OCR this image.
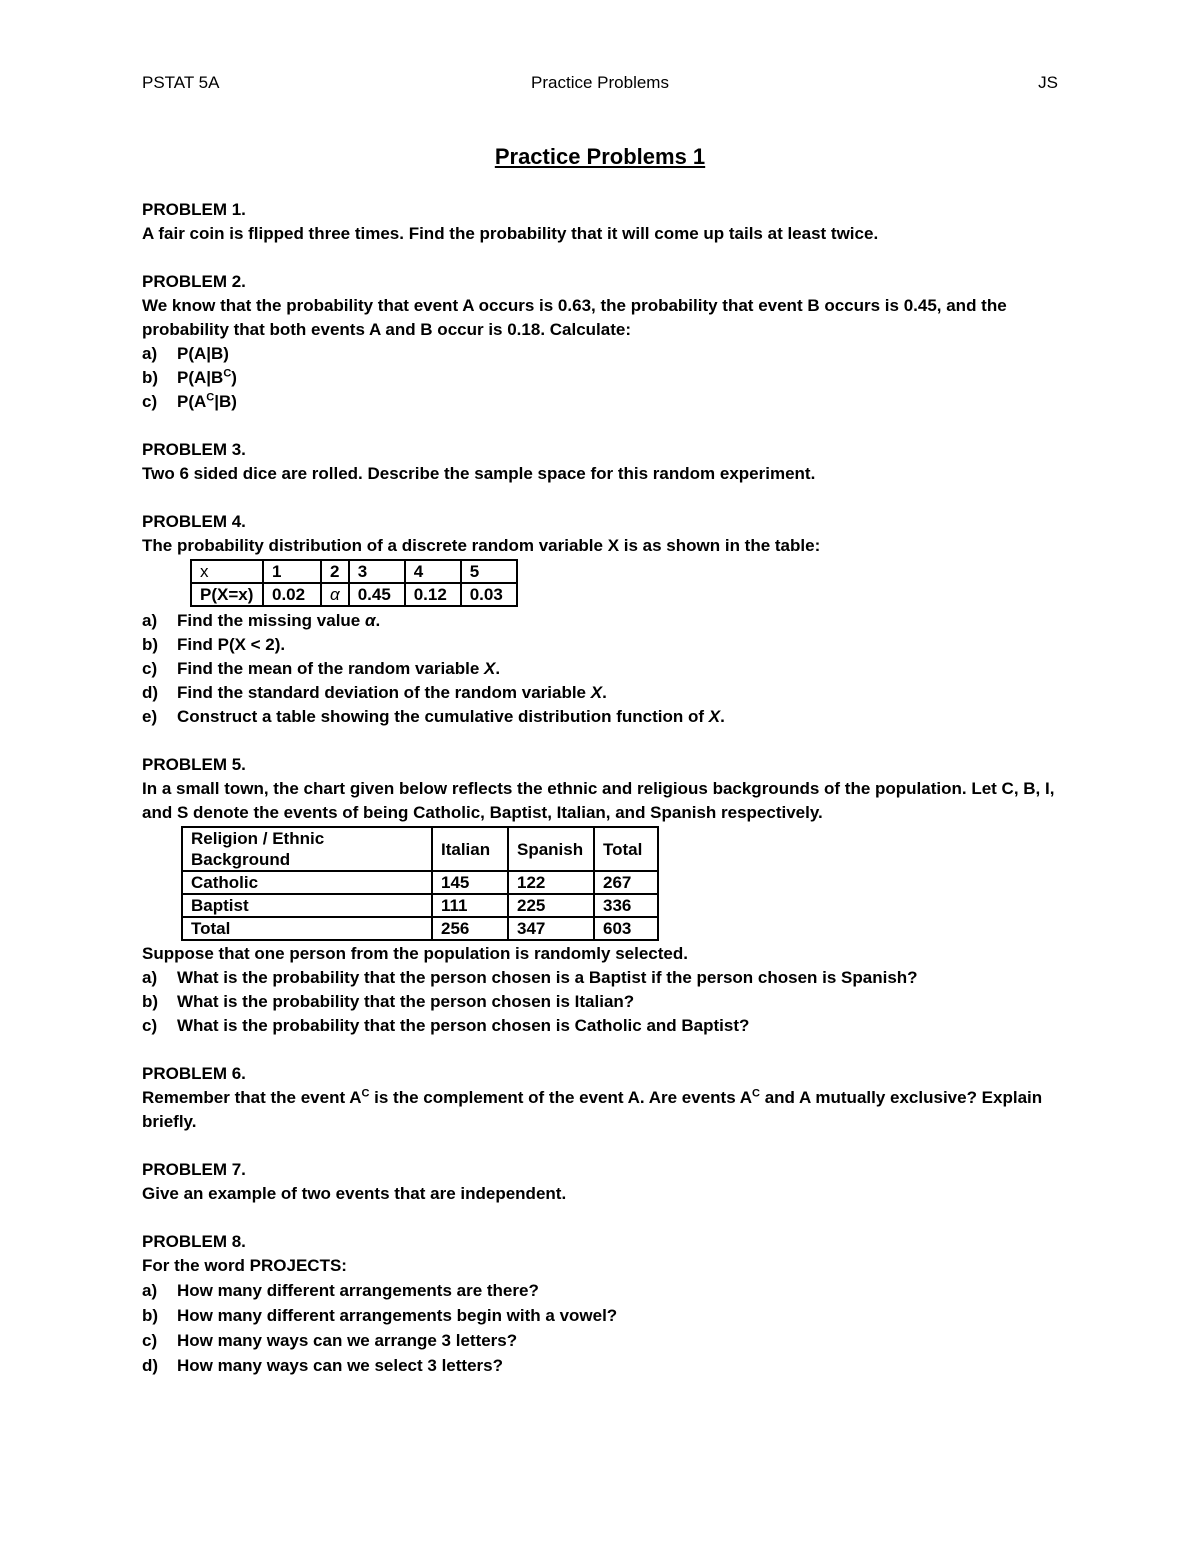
PSTAT 5A	Practice Problems	JS
Practice Problems 1

PROBLEM 1.

A fair coin is flipped three times. Find the probability that it will come up tails at least twice.

PROBLEM 2.

We know that the probability that event A occurs is 0.63, the probability that event B occurs is 0.45, and the probability that both events A and B occur is 0.18. Calculate:

a)	P(A|B)
b)	$P(A|B^C)$
c)	$P(A^C|B)$

PROBLEM 3.

Two 6 sided dice are rolled. Describe the sample space for this random experiment.

PROBLEM 4.

The probability distribution of a discrete random variable X is as shown in the table:

x	1	2	3	4	5
P(X=x)	0.02	α	0.45	0.12	0.03
a)	Find the missing value α.
b)	Find P(X < 2).
c)	Find the mean of the random variable X.
d)	Find the standard deviation of the random variable X.
e)	Construct a table showing the cumulative distribution function of X.

PROBLEM 5.

In a small town, the chart given below reflects the ethnic and religious backgrounds of the population. Let C, B, I, and S denote the events of being Catholic, Baptist, Italian, and Spanish respectively.

Religion / Ethnic Background	Italian	Spanish	Total
Catholic	145	122	267
Baptist	111	225	336
Total	256	347	603

Suppose that one person from the population is randomly selected.

a)	What is the probability that the person chosen is a Baptist if the person chosen is Spanish?
b)	What is the probability that the person chosen is Italian?
c)	What is the probability that the person chosen is Catholic and Baptist?

PROBLEM 6.

Remember that the event $A^C$ is the complement of the event A. Are events $A^C$ and A mutually exclusive? Explain briefly.

PROBLEM 7.

Give an example of two events that are independent.

PROBLEM 8.

For the word PROJECTS:

a)	How many different arrangements are there?
b)	How many different arrangements begin with a vowel?
c)	How many ways can we arrange 3 letters?
d)	How many ways can we select 3 letters?
